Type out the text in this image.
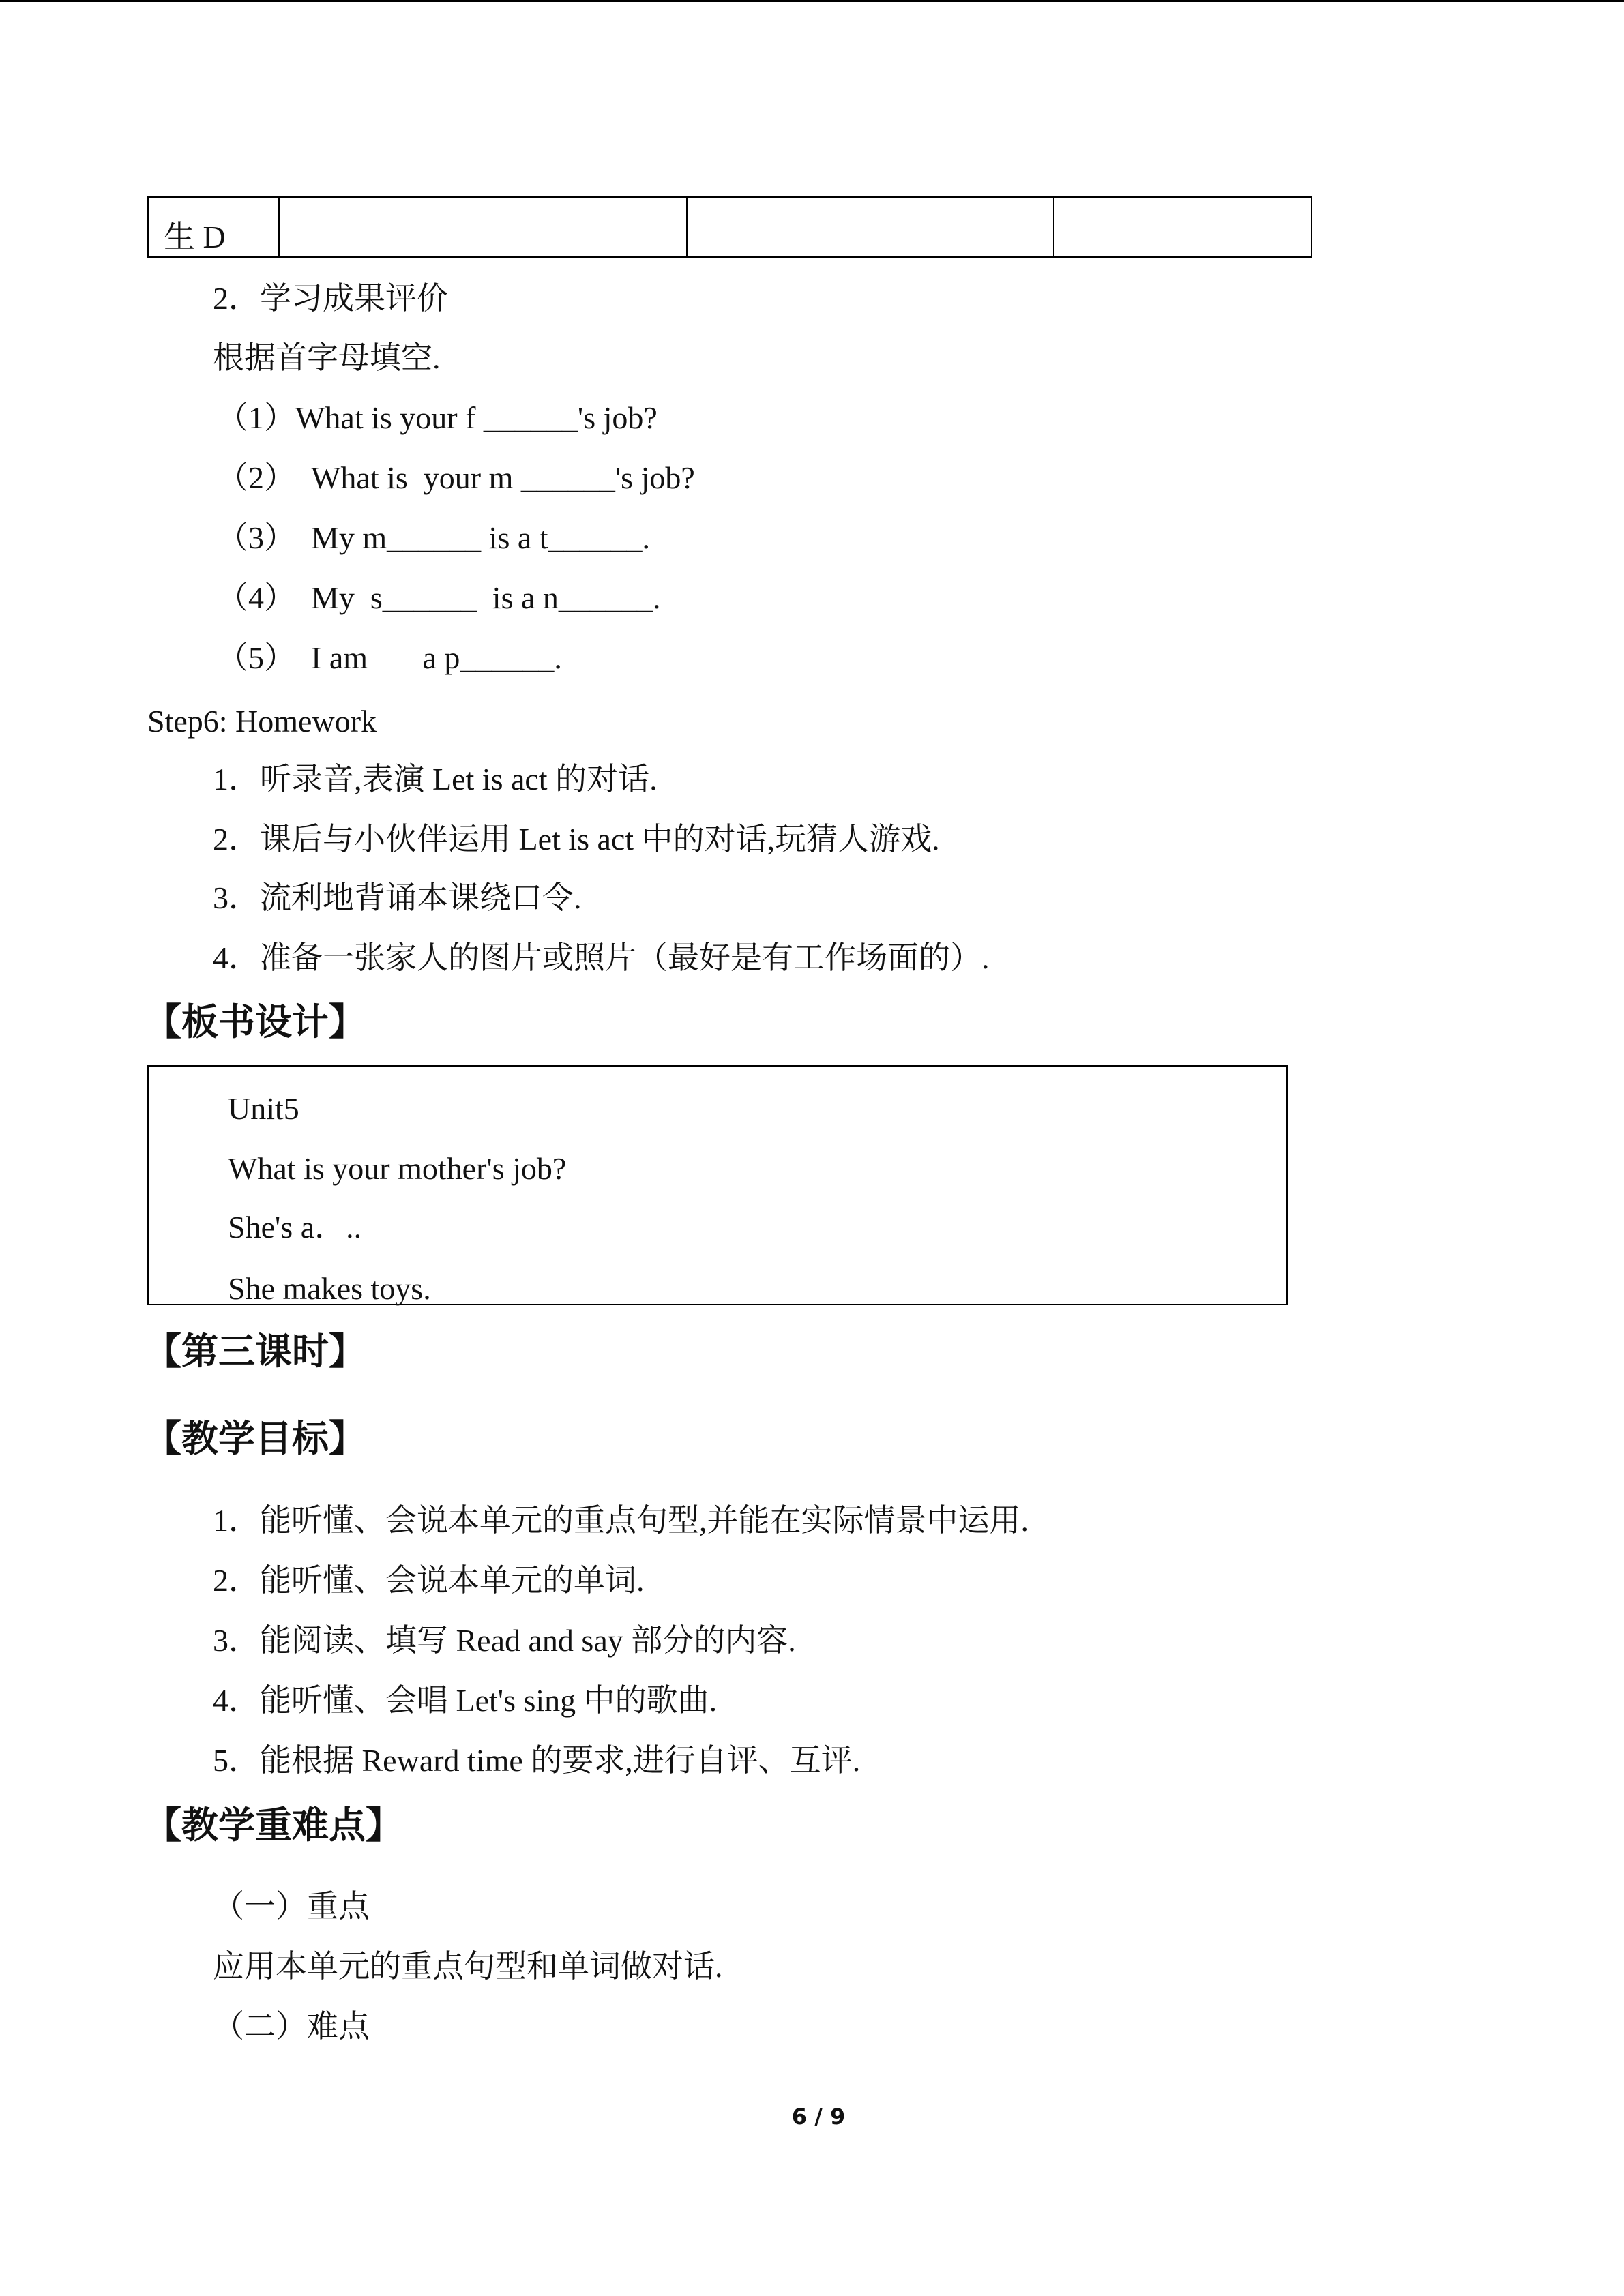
生 D			
2．学习成果评价
根据首字母填空.
（1）What is your f ______'s job?
（2）  What is  your m ______'s job?
（3）  My m______ is a t______.
（4）  My  s______  is a n______.
（5）  I am       a p______.
Step6: Homework
1．听录音,表演 Let is act 的对话.
2．课后与小伙伴运用 Let is act 中的对话,玩猜人游戏.
3．流利地背诵本课绕口令.
4．准备一张家人的图片或照片（最好是有工作场面的）.
【板书设计】
Unit5
What is your mother's job?
She's a．..
She makes toys.
【第三课时】
【教学目标】
1．能听懂、会说本单元的重点句型,并能在实际情景中运用.
2．能听懂、会说本单元的单词.
3．能阅读、填写 Read and say 部分的内容.
4．能听懂、会唱 Let's sing 中的歌曲.
5．能根据 Reward time 的要求,进行自评、互评.
【教学重难点】
（一）重点
应用本单元的重点句型和单词做对话.
（二）难点
6 / 9
